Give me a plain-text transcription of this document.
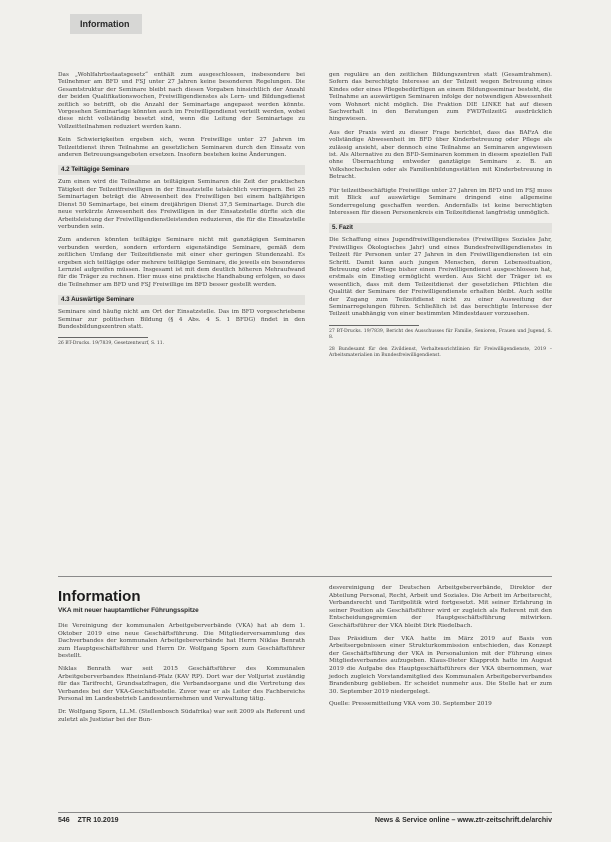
Information

Das „Wohlfahrtsstaatsgesetz“ enthält zum ausgeschlossen, insbesondere bei Teilnehmer am BFD und FSJ unter 27 Jahren keine besonderen Regelungen. Die Gesamtstruktur der Seminare bleibt nach diesen Vorgaben hinsichtlich der Anzahl der beiden Qualifikationswochen, Freiwilligendienstes als Lern- und Bildungsdienst zeitlich so betrifft, ob die Anzahl der Seminartage angepasst werden könnte. Vorgesehen Seminartage könnten auch im Freiwilligendienst verteilt werden, wobei diese nicht vollständig besetzt sind, wenn die Leitung der Seminartage zu Vollzeitteilnahmen reduziert werden kann.

Kein Schwierigkeiten ergeben sich, wenn Freiwillige unter 27 Jahren im Teilzeitdienst ihren Teilnahme an gesetzlichen Seminaren durch den Einsatz von anderen Betreuungsangeboten ersetzen. Insofern bestehen keine Änderungen.

4.2 Teiltägige Seminare

Zum einen wird die Teilnahme an teiltägigen Seminaren die Zeit der praktischen Tätigkeit der Teilzeitfreiwilligen in der Einsatzstelle tatsächlich verringern. Bei 25 Seminartagen beträgt die Abwesenheit des Freiwilligen bei einem halbjährigen Dienst 50 Seminartage, bei einem dreijährigen Dienst 37,5 Seminartage. Durch die neue verkürzte Anwesenheit des Freiwilligen in der Einsatzstelle dürfte sich die Arbeitsleistung der Freiwilligendienstleistenden reduzieren, die für die Einsatzstelle verbunden sein.

Zum anderen könnten teiltägige Seminare nicht mit ganztägigen Seminaren verbunden werden, sondern erfordern eigenständige Seminare, gemäß dem zeitlichen Umfang der Teilzeitdienste mit einer eher geringen Stundenzahl. Es ergeben sich teiltägige oder mehrere teiltägige Seminare, die jeweils ein besonderes Lernziel aufgreifen müssen. Insgesamt ist mit dem deutlich höheren Mehraufwand für die Träger zu rechnen. Hier muss eine praktische Handhabung erfolgen, so dass die Teilnehmer am BFD und FSJ Freiwillige im BFD besser gestellt werden.

4.3 Auswärtige Seminare

Seminare sind häufig nicht am Ort der Einsatzstelle. Das im BFD vorgeschriebene Seminar zur politischen Bildung (§ 4 Abs. 4 S. 1 BFDG) findet in den Bundesbildungszentren statt.

26 BT-Drucks. 19/7839, Gesetzentwurf, S. 11.

gen reguläre an den zeitlichen Bildungszentren statt (Gesamtrahmen). Sofern das berechtigte Interesse an der Teilzeit wegen Betreuung eines Kindes oder eines Pflegebedürftigen an einem Bildungsseminar besteht, die Teilnahme an auswärtigen Seminaren infolge der notwendigen Abwesenheit vom Wohnort nicht möglich. Die Fraktion DIE LINKE hat auf diesen Sachverhalt in den Beratungen zum FWDTeilzeitG ausdrücklich hingewiesen.

Aus der Praxis wird zu dieser Frage berichtet, dass das BAFzA die vollständige Abwesenheit im BFD über Kinderbetreuung oder Pflege als zulässig ansieht, aber dennoch eine Teilnahme an Seminaren angewiesen ist. Als Alternative zu den BFD-Seminaren kommen in diesem speziellen Fall ohne Übernachtung entweder ganztägige Seminare z. B. an Volkshochschulen oder als Familienbildungsstätten mit Kinderbetreuung in Betracht.

Für teilzeitbeschäftigte Freiwillige unter 27 Jahren im BFD und im FSJ muss mit Blick auf auswärtige Seminare dringend eine allgemeine Sonderregelung geschaffen werden. Andernfalls ist keine berechtigten Interessen für diesen Personenkreis ein Teilzeitdienst langfristig unmöglich.

5. Fazit

Die Schaffung eines Jugendfreiwilligendienstes (Freiwilliges Soziales Jahr, Freiwilliges Ökologisches Jahr) und eines Bundesfreiwilligendienstes in Teilzeit für Personen unter 27 Jahren in den Freiwilligendiensten ist ein Schritt. Damit kann auch jungen Menschen, deren Lebenssituation, Betreuung oder Pflege bisher einen Freiwilligendienst ausgeschlossen hat, erstmals ein Einstieg ermöglicht werden. Aus Sicht der Träger ist es wesentlich, dass mit dem Teilzeitdienst der gesetzlichen Pflichten die Qualität der Seminare der Freiwilligendienste erhalten bleibt. Auch sollte der Zugang zum Teilzeitdienst nicht zu einer Ausweitung der Seminarregelungen führen. Schließlich ist das berechtigte Interesse der Teilzeit unabhängig von einer bestimmten Mindestdauer vorzusehen.

27 BT-Drucks. 19/7839, Bericht des Ausschusses für Familie, Senioren, Frauen und Jugend, S. 8.

28 Bundesamt für den Zivildienst, Verhaltensrichtlinien für Freiwilligendienste, 2019 – Arbeitsmaterialien im Bundesfreiwilligendienst.

Information
VKA mit neuer hauptamtlicher Führungsspitze

Die Vereinigung der kommunalen Arbeitgeberverbände (VKA) hat ab dem 1. Oktober 2019 eine neue Geschäftsführung. Die Mitgliederversammlung des Dachverbandes der kommunalen Arbeitgeberverbände hat Herrn Niklas Benrath zum Hauptgeschäftsführer und Herrn Dr. Wolfgang Sporn zum Geschäftsführer bestellt.

Niklas Benrath war seit 2015 Geschäftsführer des Kommunalen Arbeitgeberverbandes Rheinland-Pfalz (KAV RP). Dort war der Volljurist zuständig für das Tarifrecht, Grundsatzfragen, die Verbandsorgane und die Vertretung des Verbandes bei der VKA-Geschäftsstelle. Zuvor war er als Leiter des Fachbereichs Personal im Landesbetrieb Landesunternehmen und Verwaltung tätig.

Dr. Wolfgang Sporn, LL.M. (Stellenbosch Südafrika) war seit 2009 als Referent und zuletzt als Justiziar bei der Bun-

desvereinigung der Deutschen Arbeitgeberverbände, Direktor der Abteilung Personal, Recht, Arbeit und Soziales. Die Arbeit im Arbeitsrecht, Verbandsrecht und Tarifpolitik wird fortgesetzt. Mit seiner Erfahrung in seiner Position als Geschäftsführer wird er zugleich als Referent mit den Entscheidungsgremien der Hauptgeschäftsführung mitwirken. Geschäftsführer der VKA bleibt Dirk Riedelbach.

Das Präsidium der VKA hatte im März 2019 auf Basis von Arbeitsergebnissen einer Strukturkommission entschieden, das Konzept der Geschäftsführung der VKA in Personalunion mit der Führung eines Mitgliedsverbandes aufzugeben. Klaus-Dieter Klapproth hatte im August 2019 die Aufgabe des Hauptgeschäftsführers der VKA übernommen, war jedoch zugleich Vorstandsmitglied des Kommunalen Arbeitgeberverbandes Brandenburg geblieben. Er scheidet nunmehr aus. Die Stelle hat er zum 30. September 2019 niedergelegt.

Quelle: Pressemitteilung VKA vom 30. September 2019

546 ZTR 10.2019	News & Service online – www.ztr-zeitschrift.de/archiv
